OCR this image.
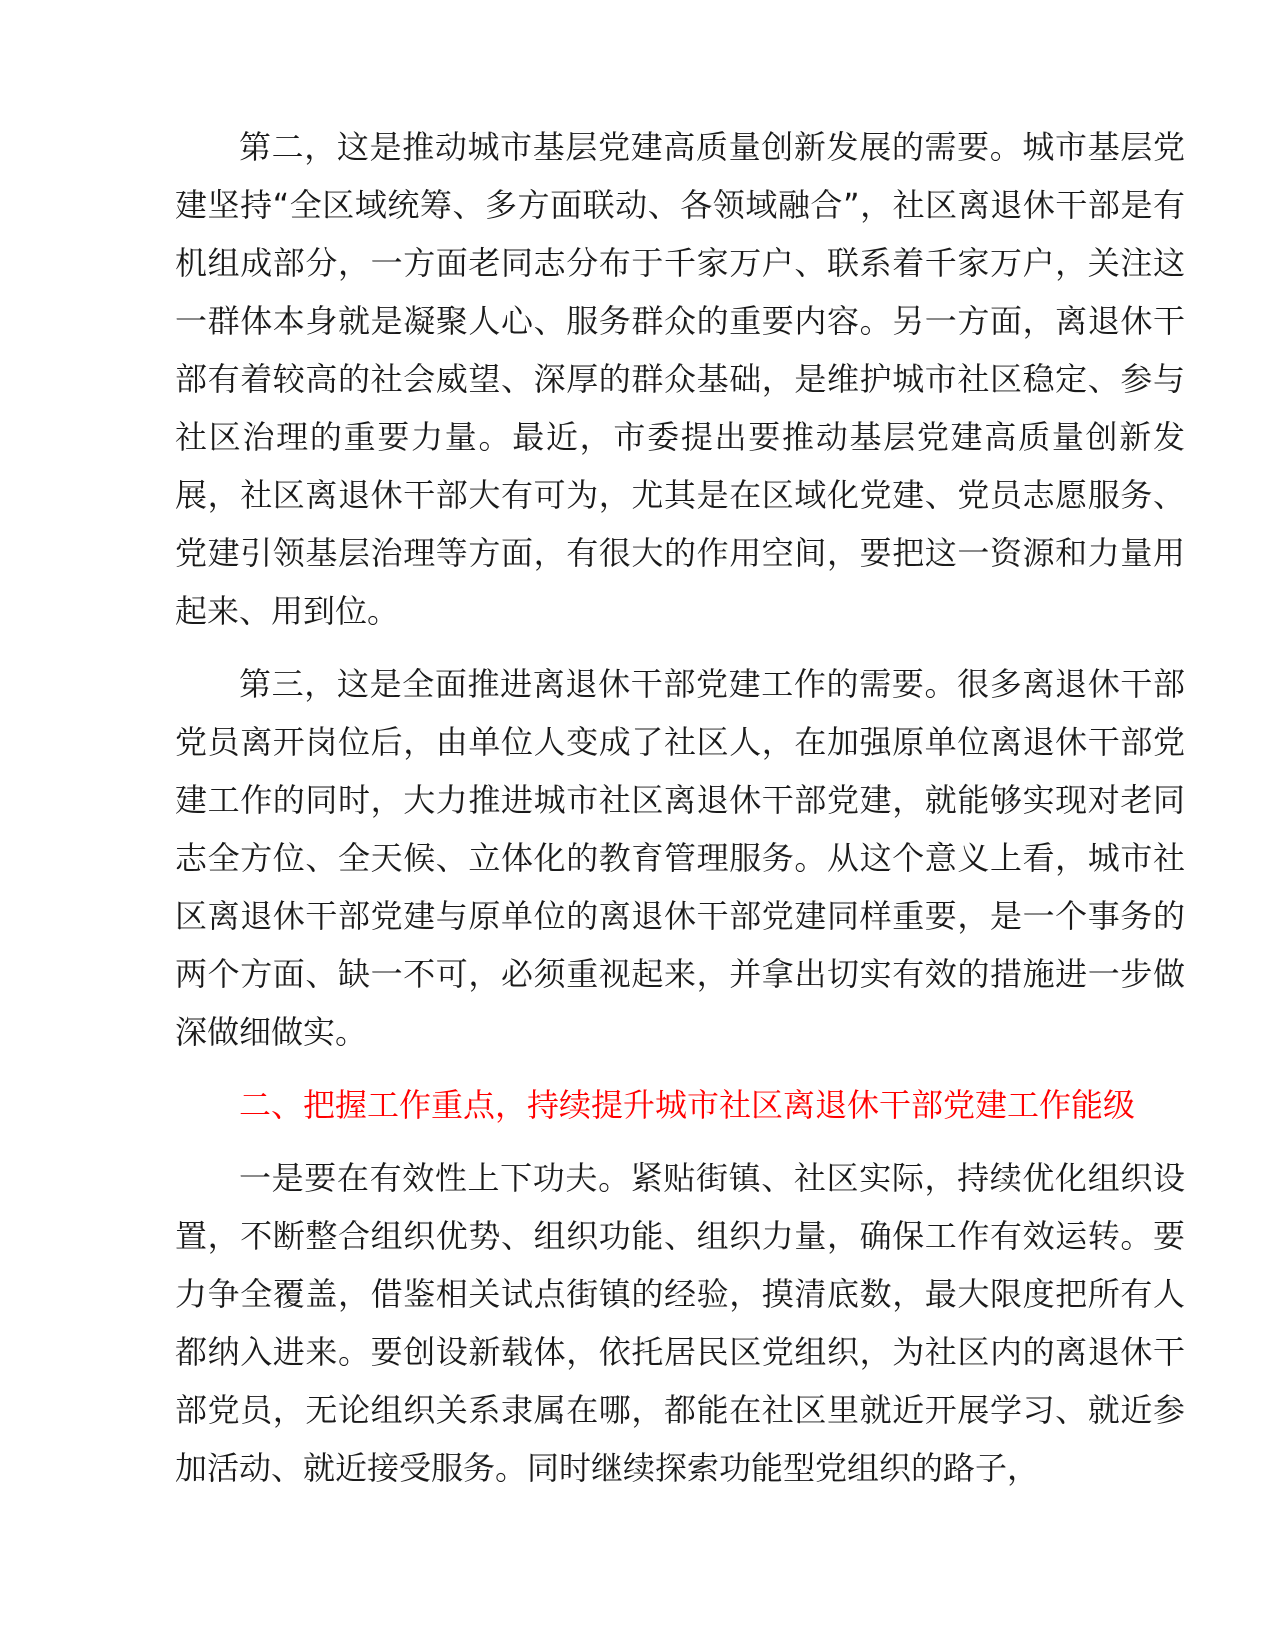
第二，这是推动城市基层党建高质量创新发展的需要。城市基层党建坚持“全区域统筹、多方面联动、各领域融合”，社区离退休干部是有机组成部分，一方面老同志分布于千家万户、联系着千家万户，关注这一群体本身就是凝聚人心、服务群众的重要内容。另一方面，离退休干部有着较高的社会威望、深厚的群众基础，是维护城市社区稳定、参与社区治理的重要力量。最近，市委提出要推动基层党建高质量创新发展，社区离退休干部大有可为，尤其是在区域化党建、党员志愿服务、党建引领基层治理等方面，有很大的作用空间，要把这一资源和力量用起来、用到位。

第三，这是全面推进离退休干部党建工作的需要。很多离退休干部党员离开岗位后，由单位人变成了社区人，在加强原单位离退休干部党建工作的同时，大力推进城市社区离退休干部党建，就能够实现对老同志全方位、全天候、立体化的教育管理服务。从这个意义上看，城市社区离退休干部党建与原单位的离退休干部党建同样重要，是一个事务的两个方面、缺一不可，必须重视起来，并拿出切实有效的措施进一步做深做细做实。

二、把握工作重点，持续提升城市社区离退休干部党建工作能级

一是要在有效性上下功夫。紧贴街镇、社区实际，持续优化组织设置，不断整合组织优势、组织功能、组织力量，确保工作有效运转。要力争全覆盖，借鉴相关试点街镇的经验，摸清底数，最大限度把所有人都纳入进来。要创设新载体，依托居民区党组织，为社区内的离退休干部党员，无论组织关系隶属在哪，都能在社区里就近开展学习、就近参加活动、就近接受服务。同时继续探索功能型党组织的路子，
